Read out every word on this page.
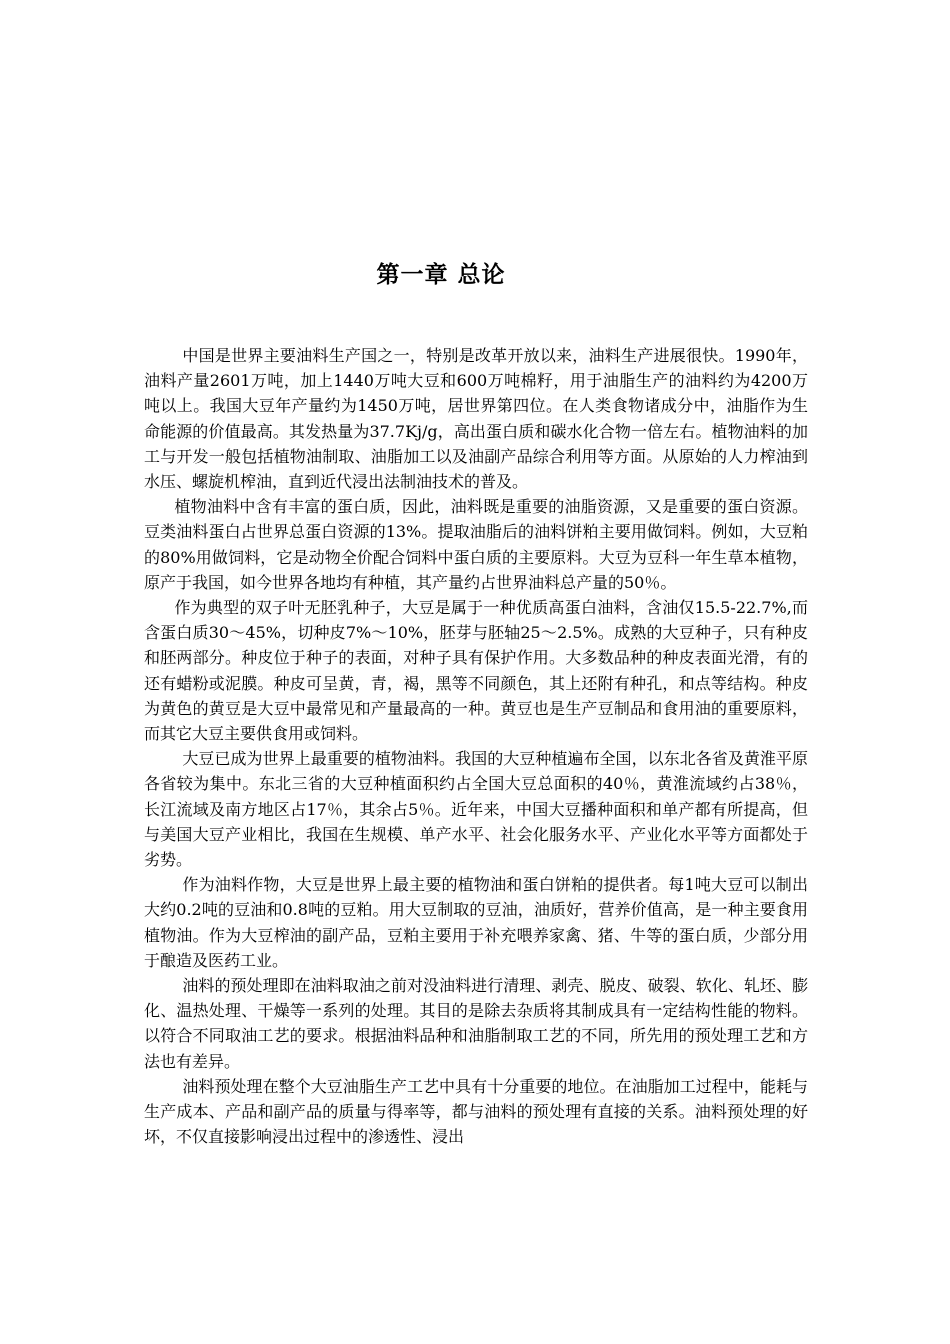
第一章 总论

中国是世界主要油料生产国之一，特别是改革开放以来，油料生产进展很快。1990年，油料产量2601万吨，加上1440万吨大豆和600万吨棉籽，用于油脂生产的油料约为4200万吨以上。我国大豆年产量约为1450万吨，居世界第四位。在人类食物诸成分中，油脂作为生命能源的价值最高。其发热量为37.7Kj/g，高出蛋白质和碳水化合物一倍左右。植物油料的加工与开发一般包括植物油制取、油脂加工以及油副产品综合利用等方面。从原始的人力榨油到水压、螺旋机榨油，直到近代浸出法制油技术的普及。

植物油料中含有丰富的蛋白质，因此，油料既是重要的油脂资源，又是重要的蛋白资源。豆类油料蛋白占世界总蛋白资源的13%。提取油脂后的油料饼粕主要用做饲料。例如，大豆粕的80%用做饲料，它是动物全价配合饲料中蛋白质的主要原料。大豆为豆科一年生草本植物，原产于我国，如今世界各地均有种植，其产量约占世界油料总产量的50％。

作为典型的双子叶无胚乳种子，大豆是属于一种优质高蛋白油料，含油仅15.5-22.7%,而含蛋白质30～45%，切种皮7%～10%，胚芽与胚轴25～2.5%。成熟的大豆种子，只有种皮和胚两部分。种皮位于种子的表面，对种子具有保护作用。大多数品种的种皮表面光滑，有的还有蜡粉或泥膜。种皮可呈黄，青，褐，黑等不同颜色，其上还附有种孔，和点等结构。种皮为黄色的黄豆是大豆中最常见和产量最高的一种。黄豆也是生产豆制品和食用油的重要原料，而其它大豆主要供食用或饲料。

大豆已成为世界上最重要的植物油料。我国的大豆种植遍布全国，以东北各省及黄淮平原各省较为集中。东北三省的大豆种植面积约占全国大豆总面积的40％，黄淮流域约占38％，长江流域及南方地区占17％，其余占5％。近年来，中国大豆播种面积和单产都有所提高，但与美国大豆产业相比，我国在生规模、单产水平、社会化服务水平、产业化水平等方面都处于劣势。

作为油料作物，大豆是世界上最主要的植物油和蛋白饼粕的提供者。每1吨大豆可以制出大约0.2吨的豆油和0.8吨的豆粕。用大豆制取的豆油，油质好，营养价值高，是一种主要食用植物油。作为大豆榨油的副产品，豆粕主要用于补充喂养家禽、猪、牛等的蛋白质，少部分用于酿造及医药工业。

油料的预处理即在油料取油之前对没油料进行清理、剥壳、脱皮、破裂、软化、轧坯、膨化、温热处理、干燥等一系列的处理。其目的是除去杂质将其制成具有一定结构性能的物料。以符合不同取油工艺的要求。根据油料品种和油脂制取工艺的不同，所先用的预处理工艺和方法也有差异。

油料预处理在整个大豆油脂生产工艺中具有十分重要的地位。在油脂加工过程中，能耗与生产成本、产品和副产品的质量与得率等，都与油料的预处理有直接的关系。油料预处理的好坏，不仅直接影响浸出过程中的渗透性、浸出
